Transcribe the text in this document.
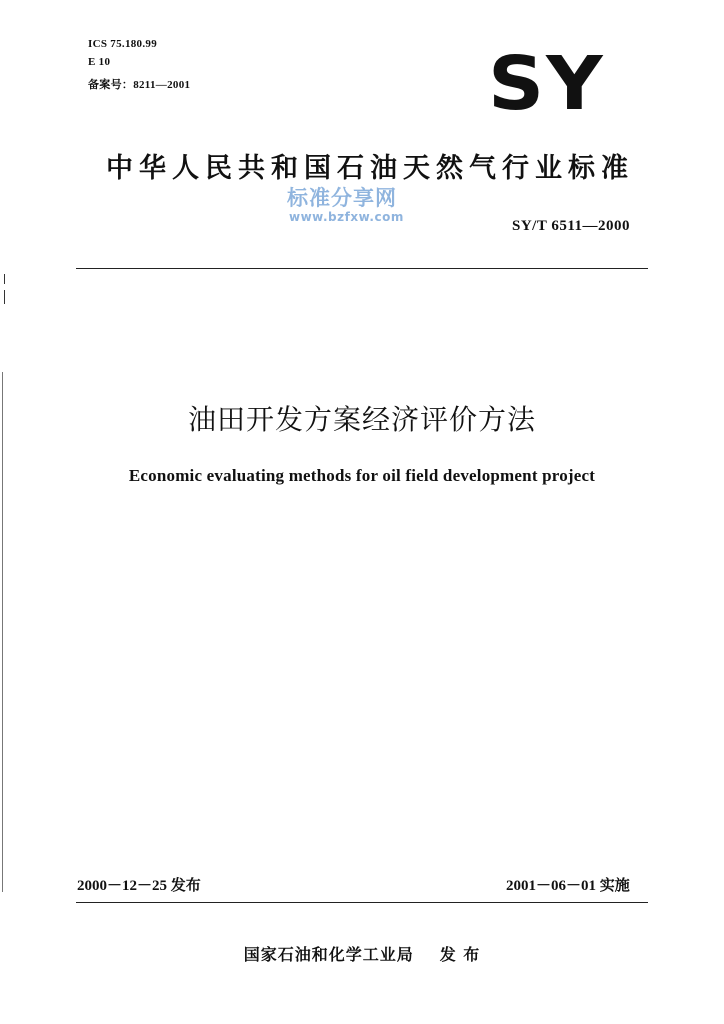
ICS 75.180.99
E 10
备案号：8211—2001	SY
中华人民共和国石油天然气行业标准
标准分享网
www.bzfxw.com
SY/T 6511—2000
油田开发方案经济评价方法
Economic evaluating methods for oil field development project
2000－12－25 发布	2001－06－01 实施
国家石油和化学工业局 发 布
